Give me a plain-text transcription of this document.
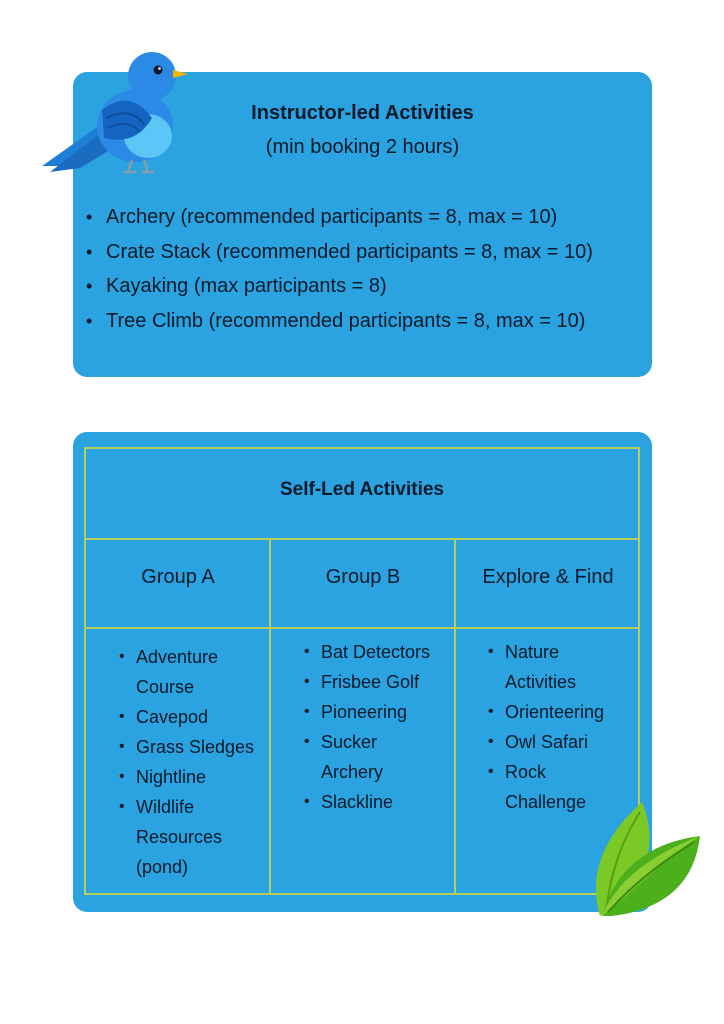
Instructor-led Activities
(min booking 2 hours)
• Archery (recommended participants = 8, max = 10)
• Crate Stack (recommended participants = 8, max = 10)
• Kayaking (max participants = 8)
• Tree Climb (recommended participants = 8, max = 10)
Self-Led Activities
Group A	Group B	Explore & Find
• Adventure
Course
• Cavepod
• Grass Sledges
• Nightline
• Wildlife
Resources
(pond)
• Bat Detectors
• Frisbee Golf
• Pioneering
• Sucker
Archery
• Slackline
• Nature
Activities
• Orienteering
• Owl Safari
• Rock
Challenge
